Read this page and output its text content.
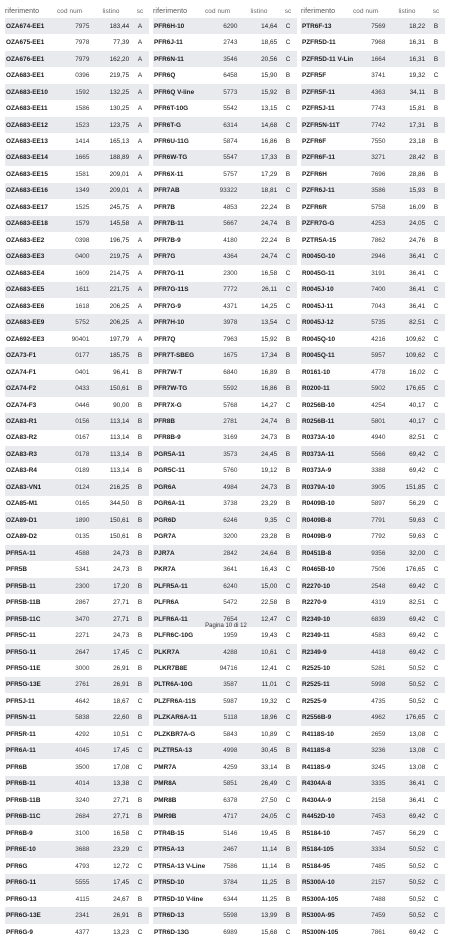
riferimento	cod num	listino	sc
OZA674-EE1	7975	183,44	A
OZA675-EE1	7978	77,39	A
OZA676-EE1	7979	162,20	A
OZA683-EE1	0396	219,75	A
OZA683-EE10	1592	132,25	A
OZA683-EE11	1586	130,25	A
OZA683-EE12	1523	123,75	A
OZA683-EE13	1414	165,13	A
OZA683-EE14	1665	188,89	A
OZA683-EE15	1581	209,01	A
OZA683-EE16	1349	209,01	A
OZA683-EE17	1525	245,75	A
OZA683-EE18	1579	145,58	A
OZA683-EE2	0398	196,75	A
OZA683-EE3	0400	219,75	A
OZA683-EE4	1609	214,75	A
OZA683-EE5	1611	221,75	A
OZA683-EE6	1618	206,25	A
OZA683-EE9	5752	206,25	A
OZA692-EE3	90401	197,79	A
OZA73-F1	0177	185,75	B
OZA74-F1	0401	96,41	B
OZA74-F2	0433	150,61	B
OZA74-F3	0446	90,00	B
OZA83-R1	0156	113,14	B
OZA83-R2	0167	113,14	B
OZA83-R3	0178	113,14	B
OZA83-R4	0189	113,14	B
OZA83-VN1	0124	216,25	B
OZA85-M1	0165	344,50	B
OZA89-D1	1890	150,61	B
OZA89-D2	0135	150,61	B
PFR5A-11	4588	24,73	B
PFR5B	5341	24,73	B
PFR5B-11	2300	17,20	B
PFR5B-11B	2867	27,71	B
PFR5B-11C	3470	27,71	B
PFR5C-11	2271	24,73	B
PFR5G-11	2647	17,45	C
PFR5G-11E	3000	26,91	B
PFR5G-13E	2761	26,91	B
PFR5J-11	4642	18,67	C
PFR5N-11	5838	22,60	B
PFR5R-11	4292	10,51	C
PFR6A-11	4045	17,45	C
PFR6B	3500	17,08	C
PFR6B-11	4014	13,38	C
PFR6B-11B	3240	27,71	B
PFR6B-11C	2684	27,71	B
PFR6B-9	3100	16,58	C
PFR6E-10	3688	23,29	C
PFR6G	4793	12,72	C
PFR6G-11	5555	17,45	C
PFR6G-13	4115	24,67	B
PFR6G-13E	2341	26,91	B
PFR6G-9	4377	13,23	C
riferimento	cod num	listino	sc
PFR6H-10	6290	14,64	C
PFR6J-11	2743	18,65	C
PFR6N-11	3546	20,56	C
PFR6Q	6458	15,90	B
PFR6Q V-line	5773	15,92	B
PFR6T-10G	5542	13,15	C
PFR6T-G	6314	14,68	C
PFR6U-11G	5874	16,86	B
PFR6W-TG	5547	17,33	B
PFR6X-11	5757	17,29	B
PFR7AB	93322	18,81	C
PFR7B	4853	22,24	B
PFR7B-11	5667	24,74	B
PFR7B-9	4180	22,24	B
PFR7G	4364	24,74	C
PFR7G-11	2300	16,58	C
PFR7G-11S	7772	26,11	C
PFR7G-9	4371	14,25	C
PFR7H-10	3978	13,54	C
PFR7Q	7963	15,92	B
PFR7T-SBEG	1675	17,34	B
PFR7W-T	6840	16,89	B
PFR7W-TG	5592	16,86	B
PFR7X-G	5768	14,27	C
PFR8B	2781	24,74	B
PFR8B-9	3169	24,73	B
PGR5A-11	3573	24,45	B
PGR5C-11	5760	19,12	B
PGR6A	4984	24,73	B
PGR6A-11	3738	23,29	B
PGR6D	6246	9,35	C
PGR7A	3200	23,28	B
PJR7A	2842	24,64	B
PKR7A	3641	16,43	C
PLFR5A-11	6240	15,00	C
PLFR6A	5472	22,58	B
PLFR6A-11	7654	12,47	C
PLFR6C-10G	1959	19,43	C
PLKR7A	4288	10,61	C
PLKR7B8E	94716	12,41	C
PLTR6A-10G	3587	11,01	C
PLZFR6A-11S	5987	19,32	C
PLZKAR6A-11	5118	18,96	C
PLZKBR7A-G	5843	10,89	C
PLZTR5A-13	4998	30,45	B
PMR7A	4259	33,14	B
PMR8A	5851	26,49	C
PMR8B	6378	27,50	C
PMR9B	4717	24,05	C
PTR4B-15	5146	19,45	B
PTR5A-13	2467	11,14	B
PTR5A-13 V-Line	7586	11,14	B
PTR5D-10	3784	11,25	B
PTR5D-10 V-line	6344	11,25	B
PTR6D-13	5598	13,99	B
PTR6D-13G	6989	15,68	C
riferimento	cod num	listino	sc
PTR6F-13	7569	18,22	B
PZFR5D-11	7968	16,31	B
PZFR5D-11 V-Lin	1664	16,31	B
PZFR5F	3741	19,32	C
PZFR5F-11	4363	34,11	B
PZFR5J-11	7743	15,81	B
PZFR5N-11T	7742	17,31	B
PZFR6F	7550	23,18	B
PZFR6F-11	3271	28,42	B
PZFR6H	7696	28,86	B
PZFR6J-11	3586	15,93	B
PZFR6R	5758	16,09	B
PZFR7G-G	4253	24,05	C
PZTR5A-15	7862	24,76	B
R0045G-10	2946	36,41	C
R0045G-11	3191	36,41	C
R0045J-10	7400	36,41	C
R0045J-11	7043	36,41	C
R0045J-12	5735	82,51	C
R0045Q-10	4216	109,62	C
R0045Q-11	5957	109,62	C
R0161-10	4778	16,02	C
R0200-11	5902	176,65	C
R0256B-10	4254	40,17	C
R0256B-11	5801	40,17	C
R0373A-10	4940	82,51	C
R0373A-11	5566	69,42	C
R0373A-9	3388	69,42	C
R0379A-10	3905	151,85	C
R0409B-10	5897	56,29	C
R0409B-8	7791	59,63	C
R0409B-9	7792	59,63	C
R0451B-8	9356	32,00	C
R0465B-10	7506	176,65	C
R2270-10	2548	69,42	C
R2270-9	4319	82,51	C
R2349-10	6839	69,42	C
R2349-11	4583	69,42	C
R2349-9	4418	69,42	C
R2525-10	5281	50,52	C
R2525-11	5998	50,52	C
R2525-9	4735	50,52	C
R2556B-9	4962	176,65	C
R4118S-10	2659	13,08	C
R4118S-8	3236	13,08	C
R4118S-9	3245	13,08	C
R4304A-8	3335	36,41	C
R4304A-9	2158	36,41	C
R4452D-10	7453	69,42	C
R5184-10	7457	56,29	C
R5184-105	3334	50,52	C
R5184-95	7485	50,52	C
R5300A-10	2157	50,52	C
R5300A-105	7488	50,52	C
R5300A-95	7459	50,52	C
R5300N-105	7861	69,42	C
Pagina 10 di 12
